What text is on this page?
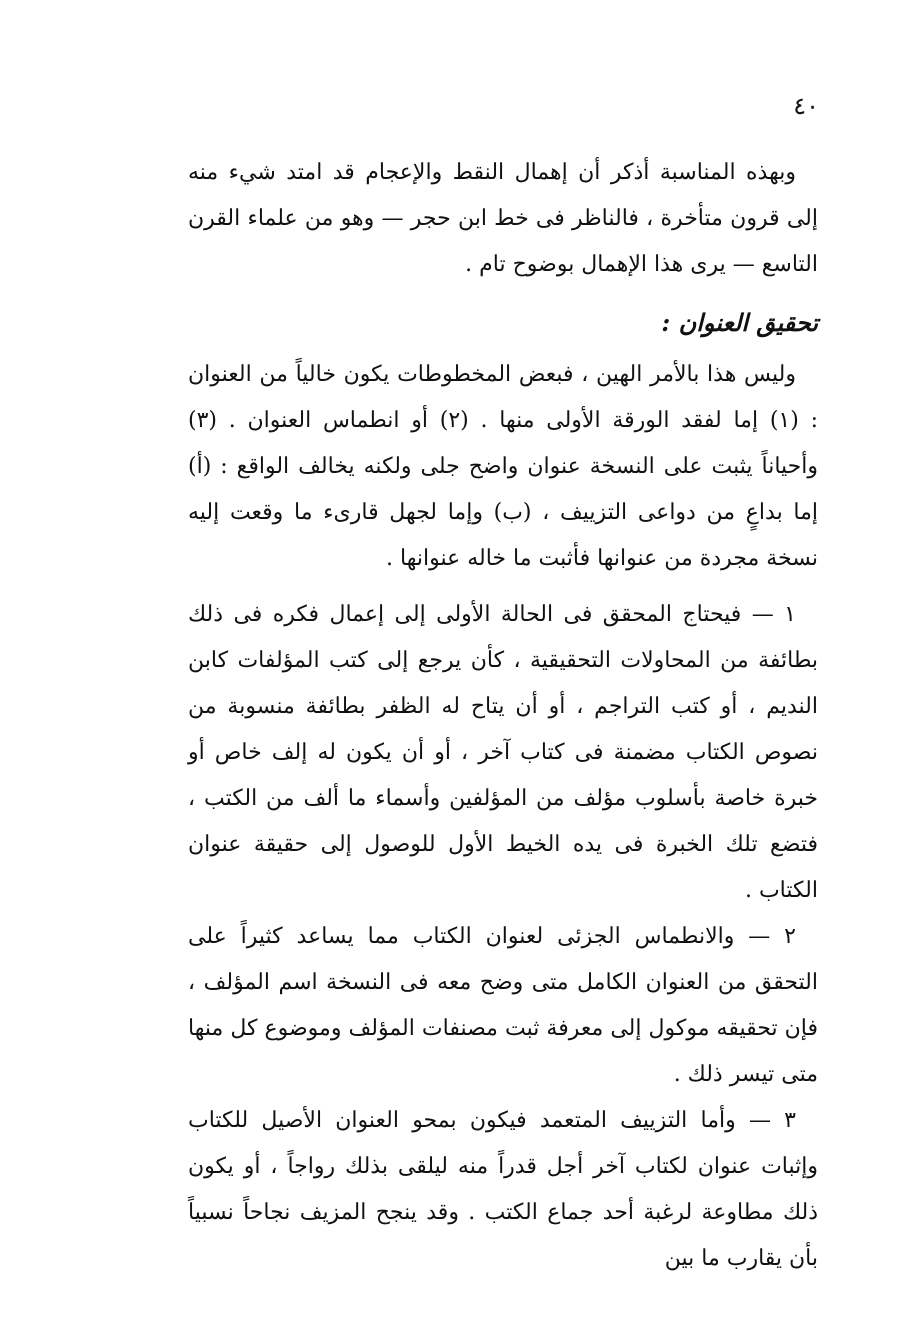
٤٠

وبهذه المناسبة أذكر أن إهمال النقط والإعجام قد امتد شيء منه إلى قرون متأخرة ، فالناظر فى خط ابن حجر — وهو من علماء القرن التاسع — يرى هذا الإهمال بوضوح تام .

تحقيق العنوان :

وليس هذا بالأمر الهين ، فبعض المخطوطات يكون خالياً من العنوان : (١) إما لفقد الورقة الأولى منها . (٢) أو انطماس العنوان . (٣) وأحياناً يثبت على النسخة عنوان واضح جلى ولكنه يخالف الواقع : (أ) إما بداعٍ من دواعى التزييف ، (ب) وإما لجهل قارىء ما وقعت إليه نسخة مجردة من عنوانها فأثبت ما خاله عنوانها .

١ — فيحتاج المحقق فى الحالة الأولى إلى إعمال فكره فى ذلك بطائفة من المحاولات التحقيقية ، كأن يرجع إلى كتب المؤلفات كابن النديم ، أو كتب التراجم ، أو أن يتاح له الظفر بطائفة منسوبة من نصوص الكتاب مضمنة فى كتاب آخر ، أو أن يكون له إلف خاص أو خبرة خاصة بأسلوب مؤلف من المؤلفين وأسماء ما ألف من الكتب ، فتضع تلك الخبرة فى يده الخيط الأول للوصول إلى حقيقة عنوان الكتاب .

٢ — والانطماس الجزئى لعنوان الكتاب مما يساعد كثيراً على التحقق من العنوان الكامل متى وضح معه فى النسخة اسم المؤلف ، فإن تحقيقه موكول إلى معرفة ثبت مصنفات المؤلف وموضوع كل منها متى تيسر ذلك .

٣ — وأما التزييف المتعمد فيكون بمحو العنوان الأصيل للكتاب وإثبات عنوان لكتاب آخر أجل قدراً منه ليلقى بذلك رواجاً ، أو يكون ذلك مطاوعة لرغبة أحد جماع الكتب . وقد ينجح المزيف نجاحاً نسبياً بأن يقارب ما بين
